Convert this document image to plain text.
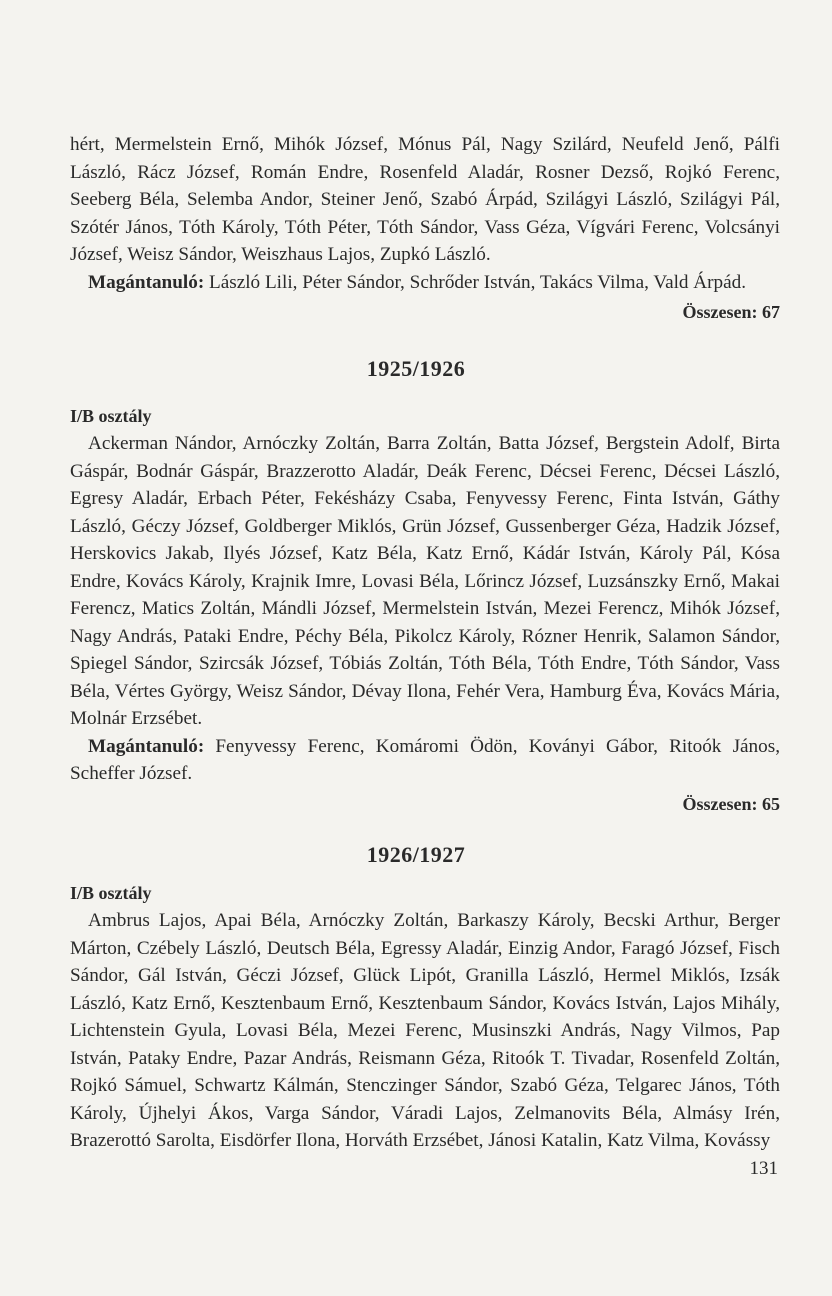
hért, Mermelstein Ernő, Mihók József, Mónus Pál, Nagy Szilárd, Neufeld Jenő, Pálfi László, Rácz József, Román Endre, Rosenfeld Aladár, Rosner Dezső, Rojkó Ferenc, Seeberg Béla, Selemba Andor, Steiner Jenő, Szabó Árpád, Szilágyi László, Szilágyi Pál, Szótér János, Tóth Károly, Tóth Péter, Tóth Sándor, Vass Géza, Vígvári Ferenc, Volcsányi József, Weisz Sándor, Weiszhaus Lajos, Zupkó László.

Magántanuló: László Lili, Péter Sándor, Schrőder István, Takács Vilma, Vald Árpád.

Összesen: 67

1925/1926

I/B osztály

Ackerman Nándor, Arnóczky Zoltán, Barra Zoltán, Batta József, Bergstein Adolf, Birta Gáspár, Bodnár Gáspár, Brazzerotto Aladár, Deák Ferenc, Décsei Ferenc, Décsei László, Egresy Aladár, Erbach Péter, Fekésházy Csaba, Fenyvessy Ferenc, Finta István, Gáthy László, Géczy József, Goldberger Miklós, Grün József, Gussenberger Géza, Hadzik József, Herskovics Jakab, Ilyés József, Katz Béla, Katz Ernő, Kádár István, Károly Pál, Kósa Endre, Kovács Károly, Krajnik Imre, Lovasi Béla, Lőrincz József, Luzsánszky Ernő, Makai Ferencz, Matics Zoltán, Mándli József, Mermelstein István, Mezei Ferencz, Mihók József, Nagy András, Pataki Endre, Péchy Béla, Pikolcz Károly, Rózner Henrik, Salamon Sándor, Spiegel Sándor, Szircsák József, Tóbiás Zoltán, Tóth Béla, Tóth Endre, Tóth Sándor, Vass Béla, Vértes György, Weisz Sándor, Dévay Ilona, Fehér Vera, Hamburg Éva, Kovács Mária, Molnár Erzsébet.

Magántanuló: Fenyvessy Ferenc, Komáromi Ödön, Koványi Gábor, Ritoók János, Scheffer József.

Összesen: 65

1926/1927

I/B osztály

Ambrus Lajos, Apai Béla, Arnóczky Zoltán, Barkaszy Károly, Becski Arthur, Berger Márton, Czébely László, Deutsch Béla, Egressy Aladár, Einzig Andor, Faragó József, Fisch Sándor, Gál István, Géczi József, Glück Lipót, Granilla László, Hermel Miklós, Izsák László, Katz Ernő, Kesztenbaum Ernő, Kesztenbaum Sándor, Kovács István, Lajos Mihály, Lichtenstein Gyula, Lovasi Béla, Mezei Ferenc, Musinszki András, Nagy Vilmos, Pap István, Pataky Endre, Pazar András, Reismann Géza, Ritoók T. Tivadar, Rosenfeld Zoltán, Rojkó Sámuel, Schwartz Kálmán, Stenczinger Sándor, Szabó Géza, Telgarec János, Tóth Károly, Újhelyi Ákos, Varga Sándor, Váradi Lajos, Zelmanovits Béla, Almásy Irén, Brazerottó Sarolta, Eisdörfer Ilona, Horváth Erzsébet, Jánosi Katalin, Katz Vilma, Kovássy

131
